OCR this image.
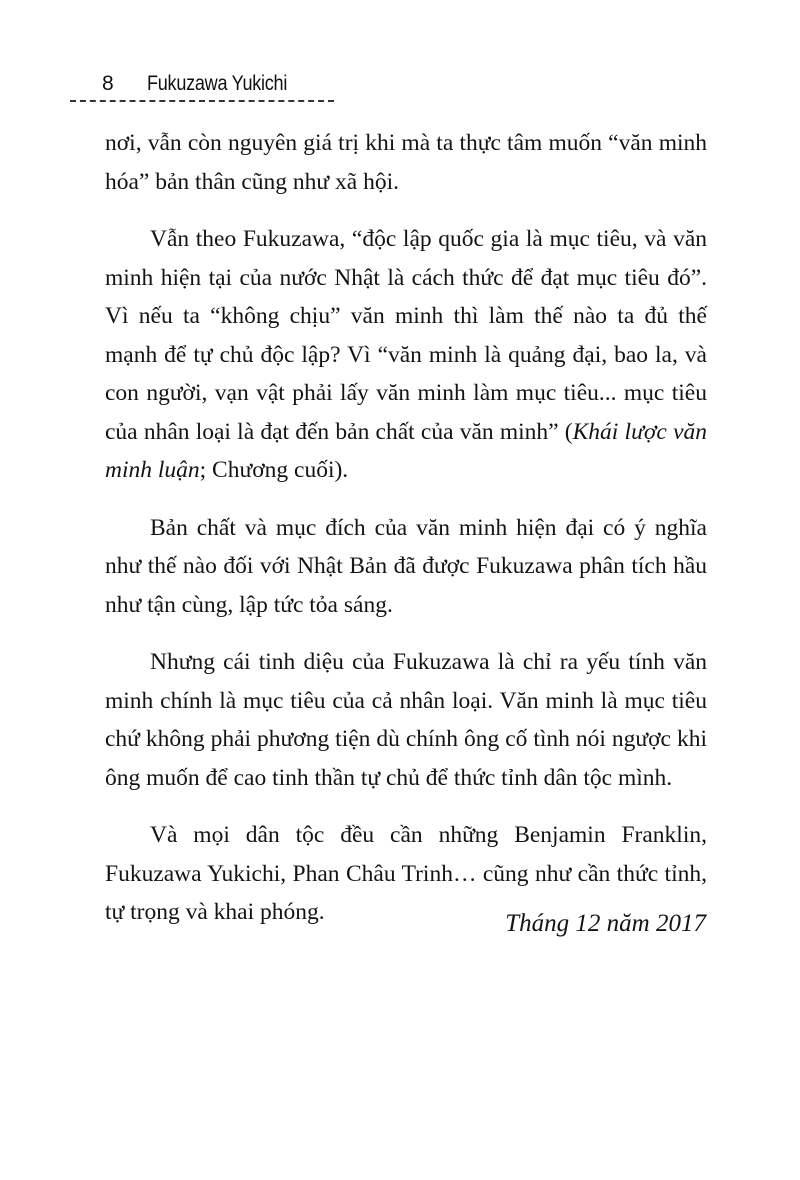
8 Fukuzawa Yukichi

nơi, vẫn còn nguyên giá trị khi mà ta thực tâm muốn “văn minh hóa” bản thân cũng như xã hội.

Vẫn theo Fukuzawa, “độc lập quốc gia là mục tiêu, và văn minh hiện tại của nước Nhật là cách thức để đạt mục tiêu đó”. Vì nếu ta “không chịu” văn minh thì làm thế nào ta đủ thế mạnh để tự chủ độc lập? Vì “văn minh là quảng đại, bao la, và con người, vạn vật phải lấy văn minh làm mục tiêu... mục tiêu của nhân loại là đạt đến bản chất của văn minh” (Khái lược văn minh luận; Chương cuối).

Bản chất và mục đích của văn minh hiện đại có ý nghĩa như thế nào đối với Nhật Bản đã được Fukuzawa phân tích hầu như tận cùng, lập tức tỏa sáng.

Nhưng cái tinh diệu của Fukuzawa là chỉ ra yếu tính văn minh chính là mục tiêu của cả nhân loại. Văn minh là mục tiêu chứ không phải phương tiện dù chính ông cố tình nói ngược khi ông muốn để cao tinh thần tự chủ để thức tỉnh dân tộc mình.

Và mọi dân tộc đều cần những Benjamin Franklin, Fukuzawa Yukichi, Phan Châu Trinh… cũng như cần thức tỉnh, tự trọng và khai phóng.	Tháng 12 năm 2017
